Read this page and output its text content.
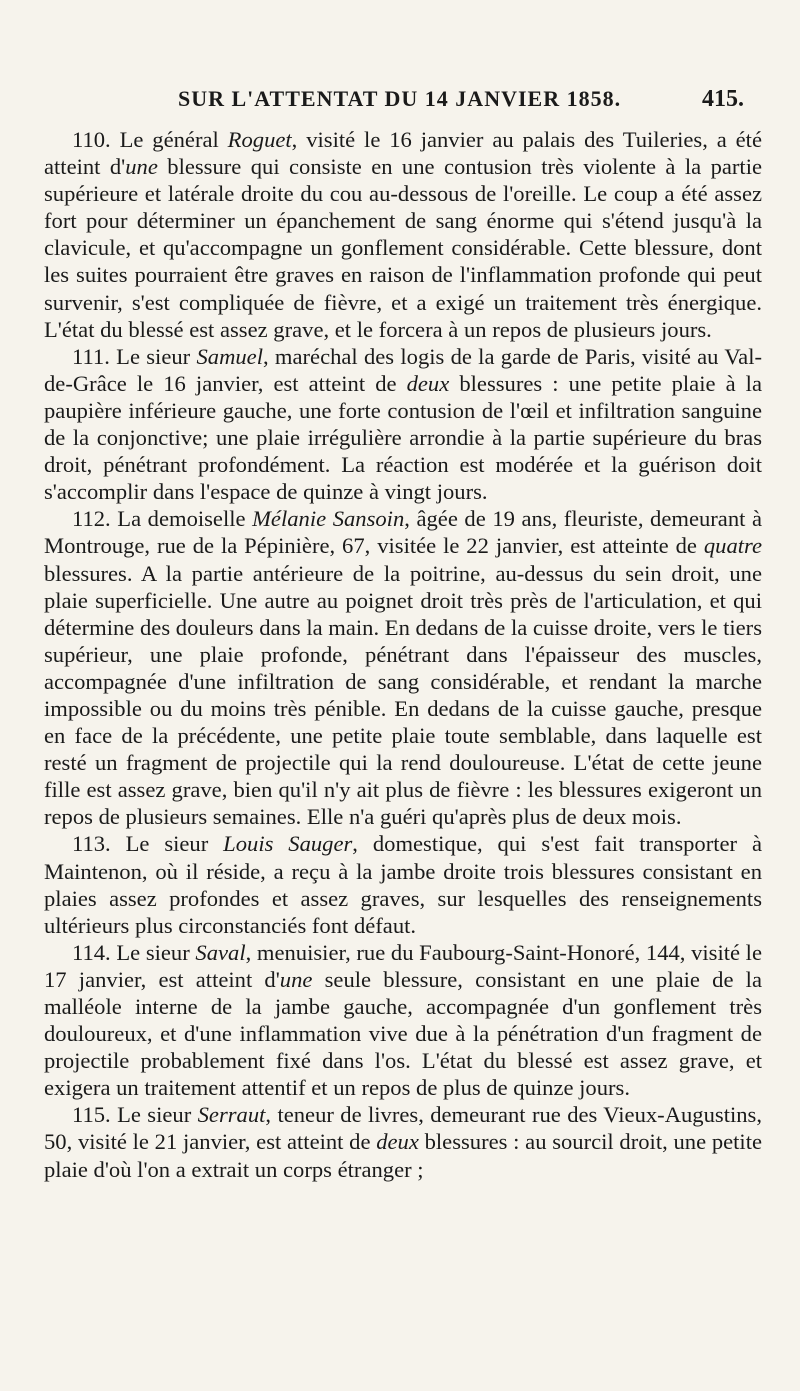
SUR L'ATTENTAT DU 14 JANVIER 1858.	415.

110. Le général Roguet, visité le 16 janvier au palais des Tuileries, a été atteint d'une blessure qui consiste en une contusion très violente à la partie supérieure et latérale droite du cou au-dessous de l'oreille. Le coup a été assez fort pour déterminer un épanchement de sang énorme qui s'étend jusqu'à la clavicule, et qu'accompagne un gonflement considérable. Cette blessure, dont les suites pourraient être graves en raison de l'inflammation profonde qui peut survenir, s'est compliquée de fièvre, et a exigé un traitement très énergique. L'état du blessé est assez grave, et le forcera à un repos de plusieurs jours.

111. Le sieur Samuel, maréchal des logis de la garde de Paris, visité au Val-de-Grâce le 16 janvier, est atteint de deux blessures : une petite plaie à la paupière inférieure gauche, une forte contusion de l'œil et infiltration sanguine de la conjonctive; une plaie irrégulière arrondie à la partie supérieure du bras droit, pénétrant profondément. La réaction est modérée et la guérison doit s'accomplir dans l'espace de quinze à vingt jours.

112. La demoiselle Mélanie Sansoin, âgée de 19 ans, fleuriste, demeurant à Montrouge, rue de la Pépinière, 67, visitée le 22 janvier, est atteinte de quatre blessures. A la partie antérieure de la poitrine, au-dessus du sein droit, une plaie superficielle. Une autre au poignet droit très près de l'articulation, et qui détermine des douleurs dans la main. En dedans de la cuisse droite, vers le tiers supérieur, une plaie profonde, pénétrant dans l'épaisseur des muscles, accompagnée d'une infiltration de sang considérable, et rendant la marche impossible ou du moins très pénible. En dedans de la cuisse gauche, presque en face de la précédente, une petite plaie toute semblable, dans laquelle est resté un fragment de projectile qui la rend douloureuse. L'état de cette jeune fille est assez grave, bien qu'il n'y ait plus de fièvre : les blessures exigeront un repos de plusieurs semaines. Elle n'a guéri qu'après plus de deux mois.

113. Le sieur Louis Sauger, domestique, qui s'est fait transporter à Maintenon, où il réside, a reçu à la jambe droite trois blessures consistant en plaies assez profondes et assez graves, sur lesquelles des renseignements ultérieurs plus circonstanciés font défaut.

114. Le sieur Saval, menuisier, rue du Faubourg-Saint-Honoré, 144, visité le 17 janvier, est atteint d'une seule blessure, consistant en une plaie de la malléole interne de la jambe gauche, accompagnée d'un gonflement très douloureux, et d'une inflammation vive due à la pénétration d'un fragment de projectile probablement fixé dans l'os. L'état du blessé est assez grave, et exigera un traitement attentif et un repos de plus de quinze jours.

115. Le sieur Serraut, teneur de livres, demeurant rue des Vieux-Augustins, 50, visité le 21 janvier, est atteint de deux blessures : au sourcil droit, une petite plaie d'où l'on a extrait un corps étranger ;
